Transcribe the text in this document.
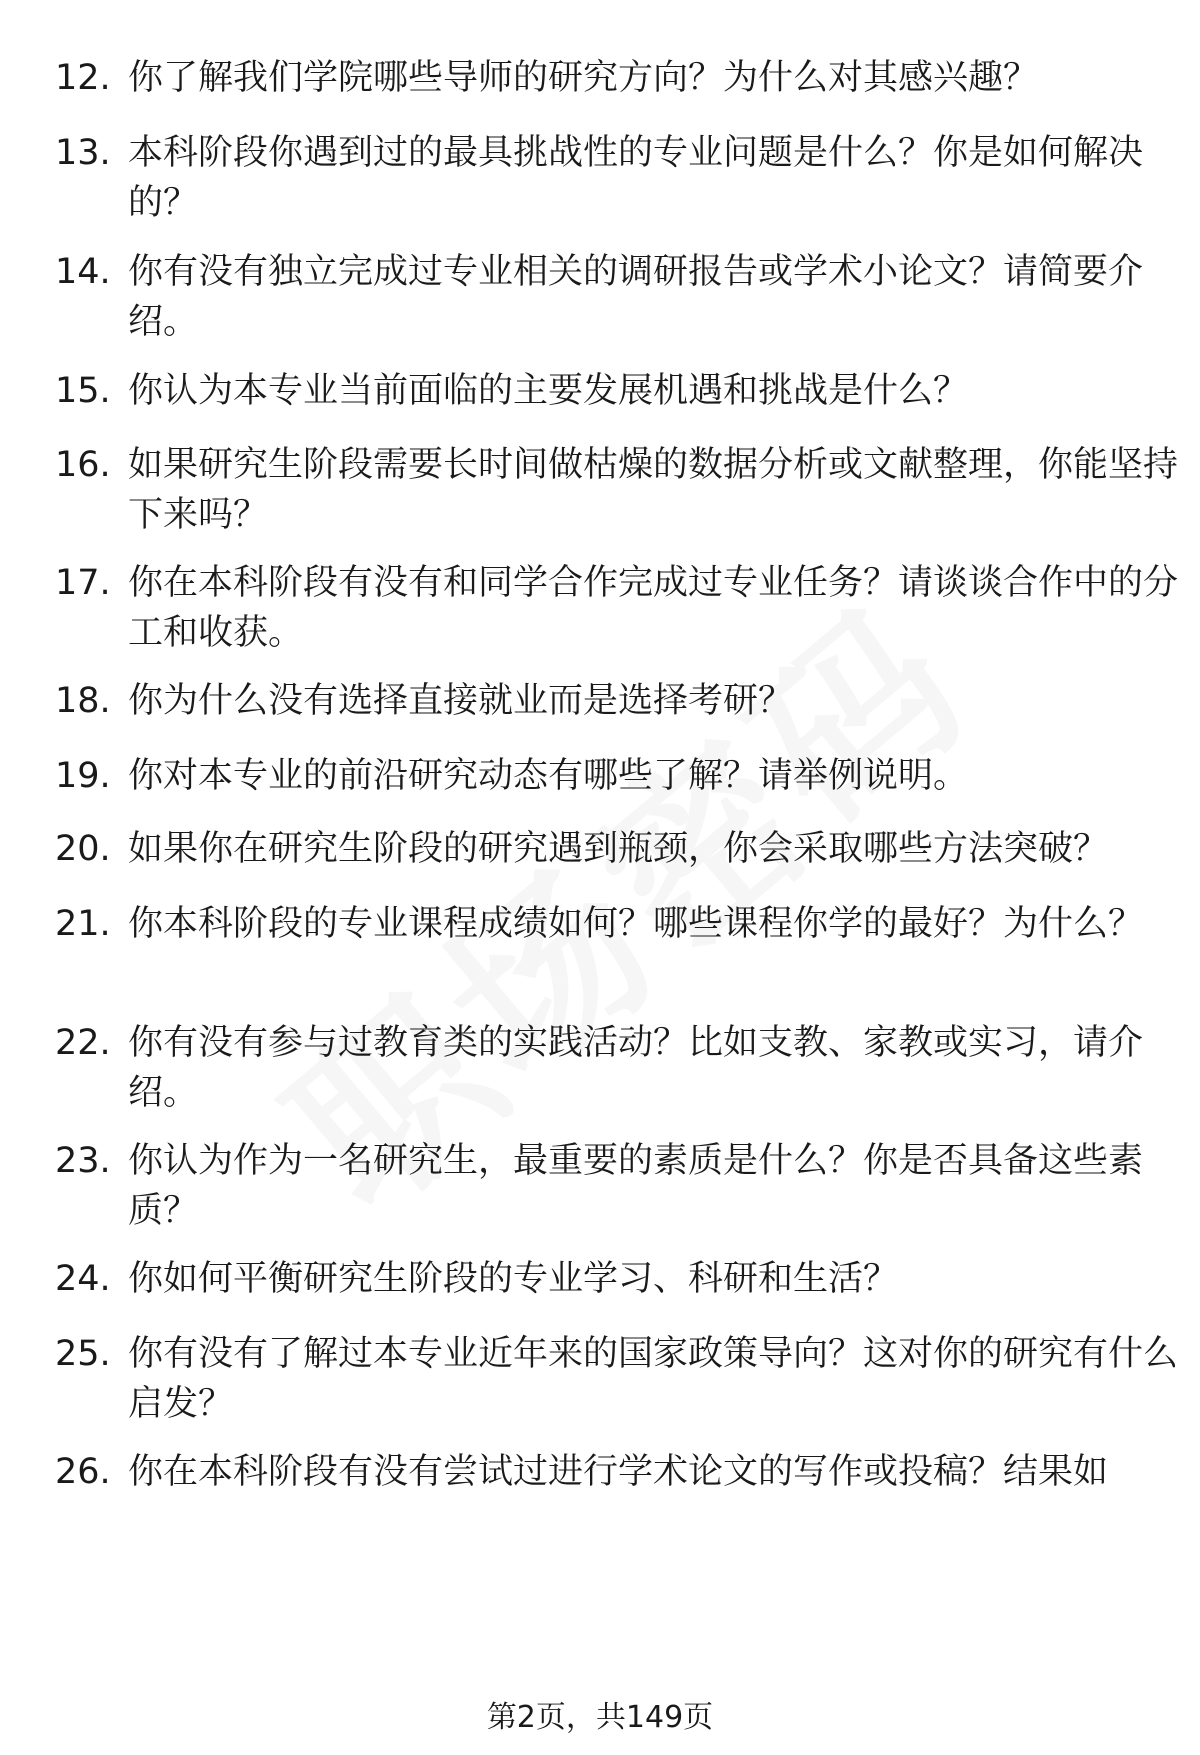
12. 你了解我们学院哪些导师的研究方向？为什么对其感兴趣？
13. 本科阶段你遇到过的最具挑战性的专业问题是什么？你是如何解决的？
14. 你有没有独立完成过专业相关的调研报告或学术小论文？请简要介绍。
15. 你认为本专业当前面临的主要发展机遇和挑战是什么？
16. 如果研究生阶段需要长时间做枯燥的数据分析或文献整理，你能坚持下来吗？
17. 你在本科阶段有没有和同学合作完成过专业任务？请谈谈合作中的分工和收获。
18. 你为什么没有选择直接就业而是选择考研？
19. 你对本专业的前沿研究动态有哪些了解？请举例说明。
20. 如果你在研究生阶段的研究遇到瓶颈，你会采取哪些方法突破？
21. 你本科阶段的专业课程成绩如何？哪些课程你学的最好？为什么？
22. 你有没有参与过教育类的实践活动？比如支教、家教或实习，请介绍。
23. 你认为作为一名研究生，最重要的素质是什么？你是否具备这些素质？
24. 你如何平衡研究生阶段的专业学习、科研和生活？
25. 你有没有了解过本专业近年来的国家政策导向？这对你的研究有什么启发？
26. 你在本科阶段有没有尝试过进行学术论文的写作或投稿？结果如
第2页，共149页
